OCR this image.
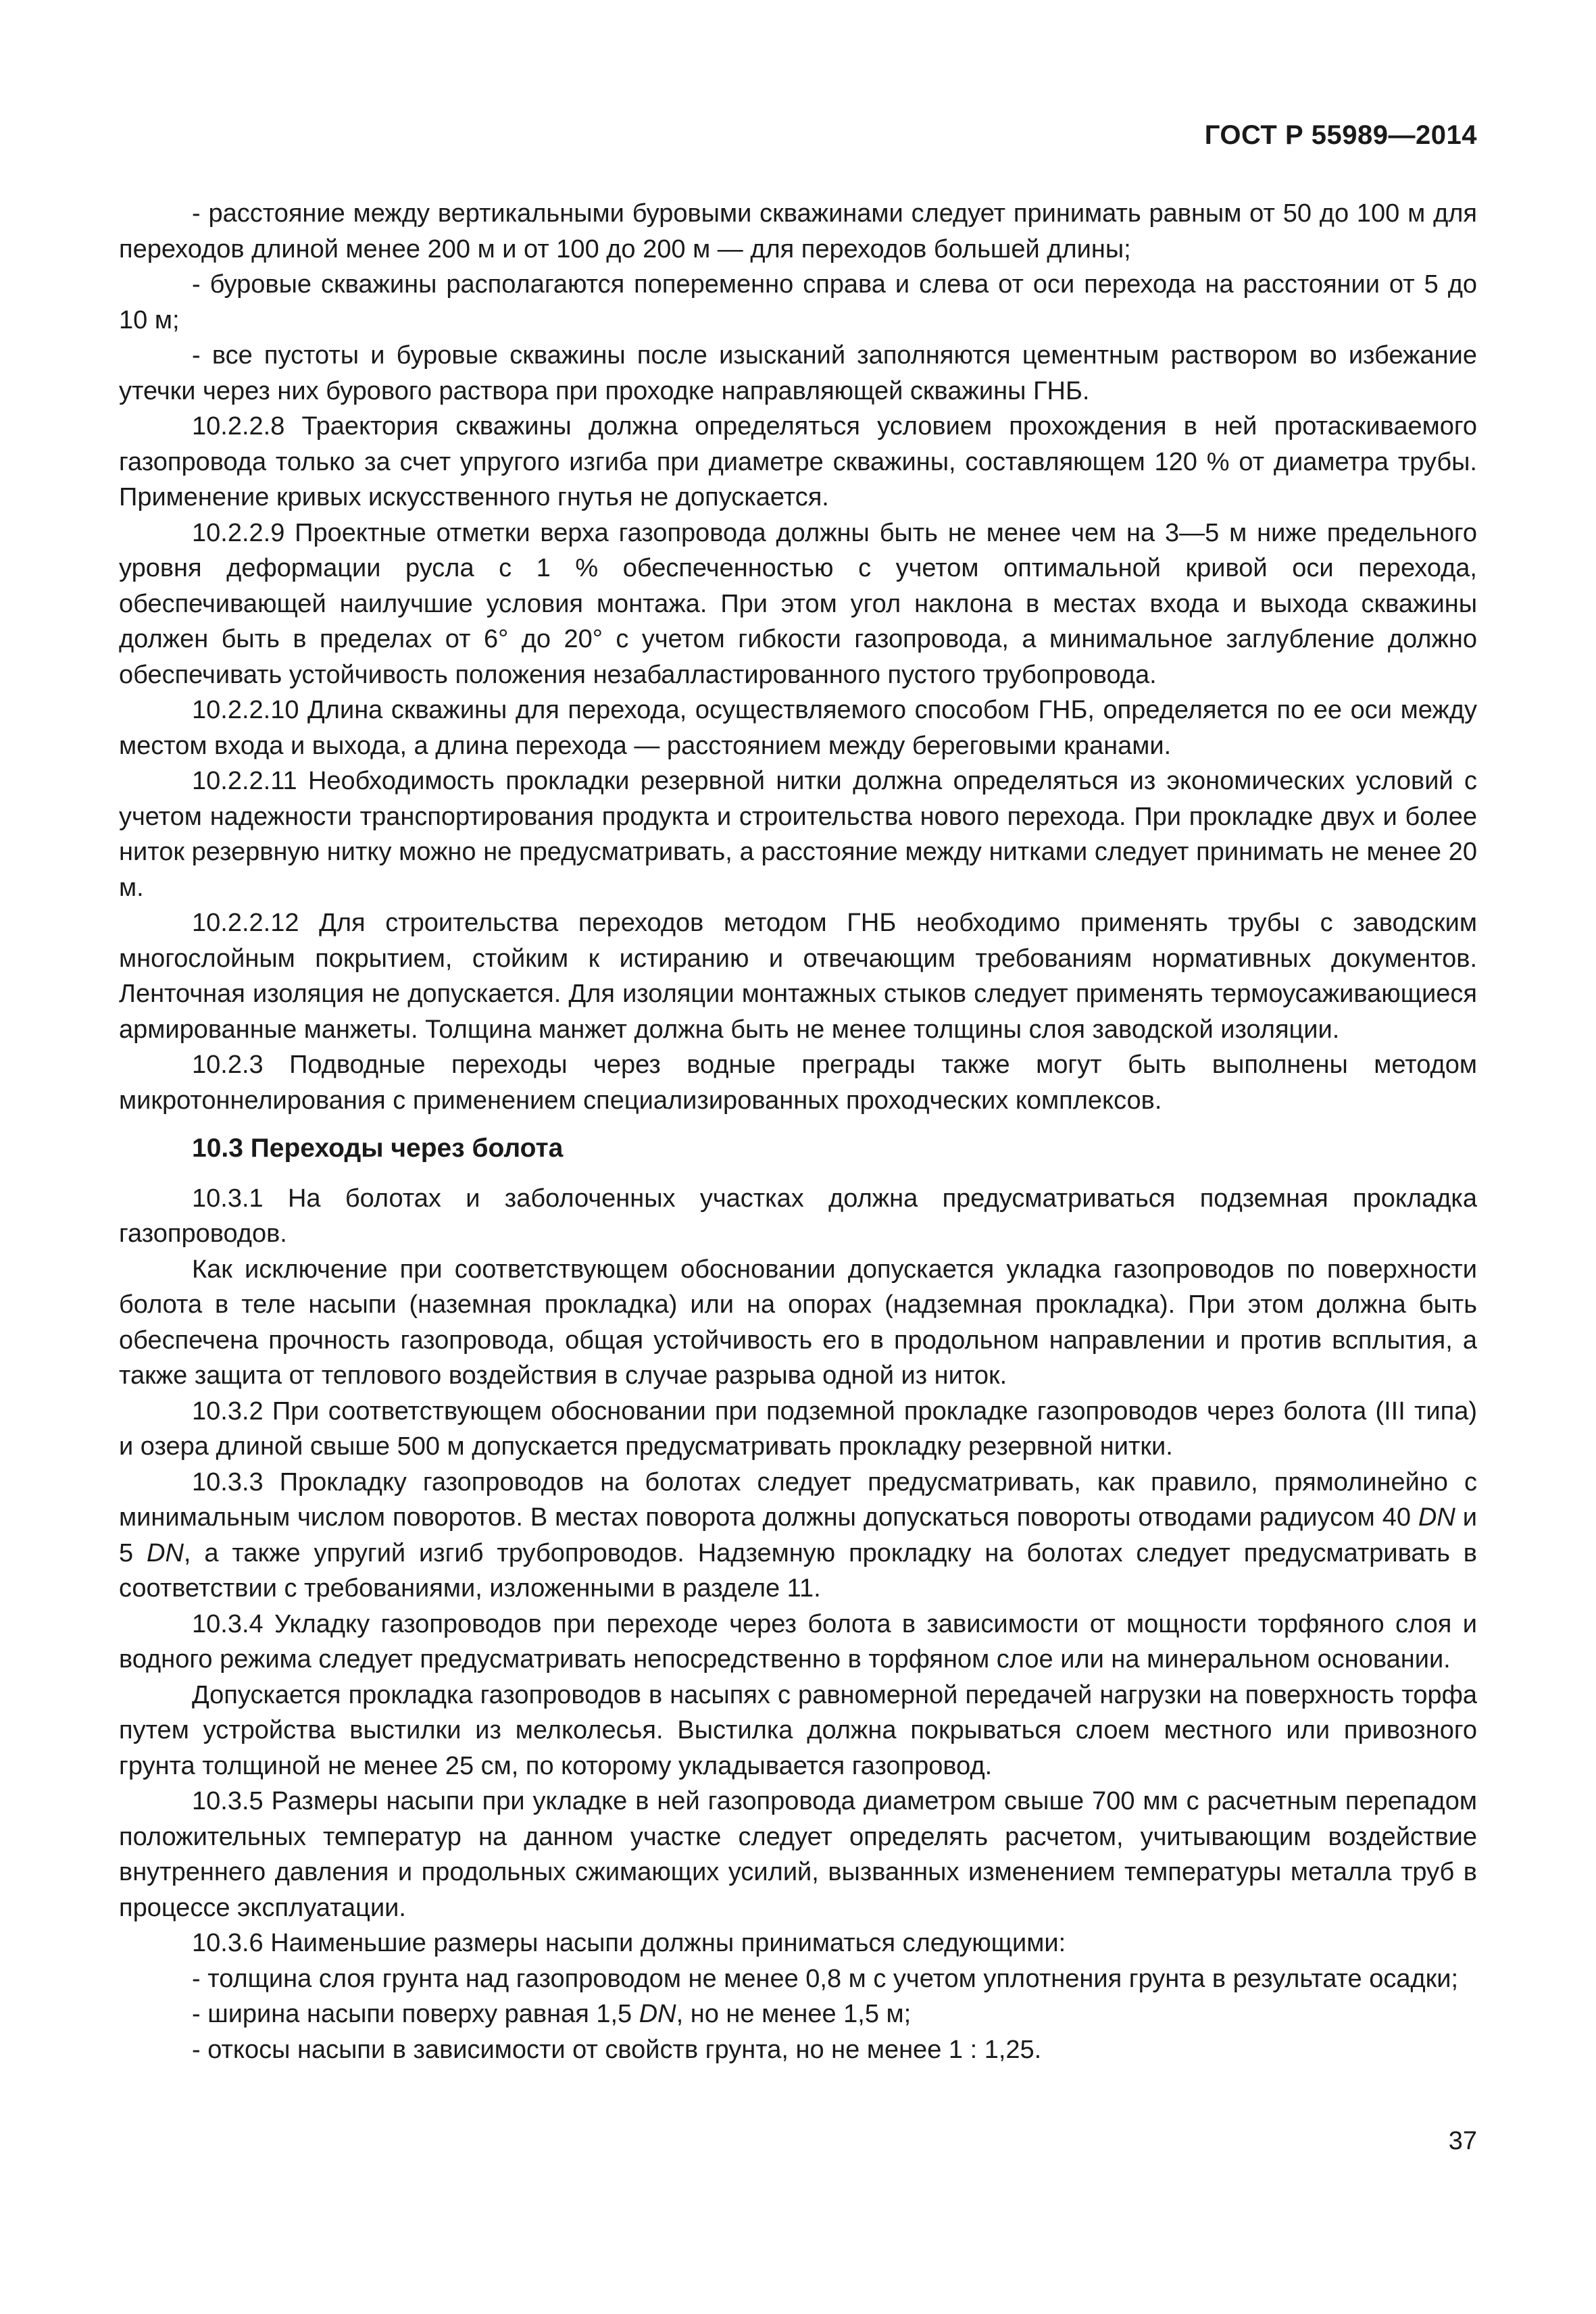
ГОСТ Р 55989—2014

- расстояние между вертикальными буровыми скважинами следует принимать равным от 50 до 100 м для переходов длиной менее 200 м и от 100 до 200 м — для переходов большей длины;

- буровые скважины располагаются попеременно справа и слева от оси перехода на расстоянии от 5 до 10 м;

- все пустоты и буровые скважины после изысканий заполняются цементным раствором во избежание утечки через них бурового раствора при проходке направляющей скважины ГНБ.

10.2.2.8 Траектория скважины должна определяться условием прохождения в ней протаскиваемого газопровода только за счет упругого изгиба при диаметре скважины, составляющем 120 % от диаметра трубы. Применение кривых искусственного гнутья не допускается.

10.2.2.9 Проектные отметки верха газопровода должны быть не менее чем на 3—5 м ниже предельного уровня деформации русла с 1 % обеспеченностью с учетом оптимальной кривой оси перехода, обеспечивающей наилучшие условия монтажа. При этом угол наклона в местах входа и выхода скважины должен быть в пределах от 6° до 20° с учетом гибкости газопровода, а минимальное заглубление должно обеспечивать устойчивость положения незабалластированного пустого трубопровода.

10.2.2.10 Длина скважины для перехода, осуществляемого способом ГНБ, определяется по ее оси между местом входа и выхода, а длина перехода — расстоянием между береговыми кранами.

10.2.2.11 Необходимость прокладки резервной нитки должна определяться из экономических условий с учетом надежности транспортирования продукта и строительства нового перехода. При прокладке двух и более ниток резервную нитку можно не предусматривать, а расстояние между нитками следует принимать не менее 20 м.

10.2.2.12 Для строительства переходов методом ГНБ необходимо применять трубы с заводским многослойным покрытием, стойким к истиранию и отвечающим требованиям нормативных документов. Ленточная изоляция не допускается. Для изоляции монтажных стыков следует применять термоусаживающиеся армированные манжеты. Толщина манжет должна быть не менее толщины слоя заводской изоляции.

10.2.3 Подводные переходы через водные преграды также могут быть выполнены методом микротоннелирования с применением специализированных проходческих комплексов.

10.3 Переходы через болота

10.3.1 На болотах и заболоченных участках должна предусматриваться подземная прокладка газопроводов.

Как исключение при соответствующем обосновании допускается укладка газопроводов по поверхности болота в теле насыпи (наземная прокладка) или на опорах (надземная прокладка). При этом должна быть обеспечена прочность газопровода, общая устойчивость его в продольном направлении и против всплытия, а также защита от теплового воздействия в случае разрыва одной из ниток.

10.3.2 При соответствующем обосновании при подземной прокладке газопроводов через болота (III типа) и озера длиной свыше 500 м допускается предусматривать прокладку резервной нитки.

10.3.3 Прокладку газопроводов на болотах следует предусматривать, как правило, прямолинейно с минимальным числом поворотов. В местах поворота должны допускаться повороты отводами радиусом 40 DN и 5 DN, а также упругий изгиб трубопроводов. Надземную прокладку на болотах следует предусматривать в соответствии с требованиями, изложенными в разделе 11.

10.3.4 Укладку газопроводов при переходе через болота в зависимости от мощности торфяного слоя и водного режима следует предусматривать непосредственно в торфяном слое или на минеральном основании.

Допускается прокладка газопроводов в насыпях с равномерной передачей нагрузки на поверхность торфа путем устройства выстилки из мелколесья. Выстилка должна покрываться слоем местного или привозного грунта толщиной не менее 25 см, по которому укладывается газопровод.

10.3.5 Размеры насыпи при укладке в ней газопровода диаметром свыше 700 мм с расчетным перепадом положительных температур на данном участке следует определять расчетом, учитывающим воздействие внутреннего давления и продольных сжимающих усилий, вызванных изменением температуры металла труб в процессе эксплуатации.

10.3.6 Наименьшие размеры насыпи должны приниматься следующими:

- толщина слоя грунта над газопроводом не менее 0,8 м с учетом уплотнения грунта в результате осадки;

- ширина насыпи поверху равная 1,5 DN, но не менее 1,5 м;

- откосы насыпи в зависимости от свойств грунта, но не менее 1 : 1,25.

37
